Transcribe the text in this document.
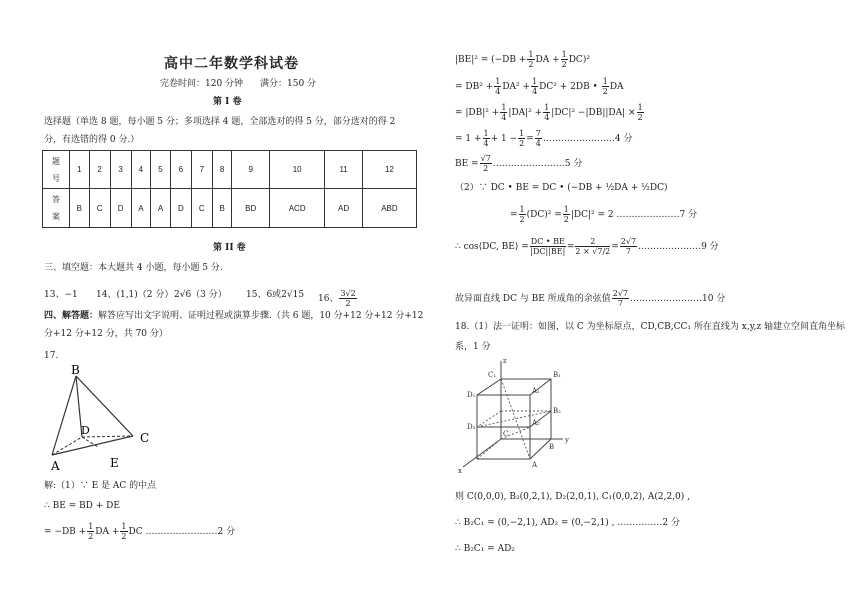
高中二年数学科试卷
完卷时间：120 分钟 满分：150 分
第 I 卷
选择题（单选 8 题，每小题 5 分；多项选择 4 题，全部选对的得 5 分，部分选对的得 2
分，有选错的得 0 分.）
题号	1	2	3	4	5	6	7	8	9	10	11	12
答案	B	C	D	A	A	D	C	B	BD	ACD	AD	ABD
第 II 卷
三、填空题：本大题共 4 小题，每小题 5 分.
13、−1 14、(1,1)（2 分） 2√6（3 分） 15、6或2√15 16、 $\frac{3√2}{2}$
四、解答题：解答应写出文字说明、证明过程或演算步骤.（共 6 题，10 分+12 分+12 分+12
分+12 分+12 分，共 70 分）
17.
B
D
C
A	E
解:（1）∵ E 是 AC 的中点
∴ BE = BD + DE
= $-DB + \frac{1}{2}$ DA + $\frac{1}{2}$ DC ……………………2 分
$|BE|^2 = (-DB + \frac{1}{2}$ DA + $\frac{1}{2} DC)^2$
= $DB^2 + \frac{1}{4} DA^2 + \frac{1}{4} DC^2 + 2DB$ • $\frac{1}{2}$ DA
= $|DB|^2 + \frac{1}{4} |DA|^2 + \frac{1}{4} |DC|^2 -|DB||DA| \times \frac{1}{2}$
= $1 + \frac{1}{4} + 1 - \frac{1}{2} = \frac{7}{4}$ ……………………4 分
BE = $\frac{√7}{2}$ ……………………5 分
（2）∵ DC • BE = DC • (−DB + ½DA + ½DC)
= $\frac{1}{2} (DC)^2 = \frac{1}{2} |DC|^2 = 2$ …………………7 分
∴ cos⟨DC, BE⟩ = $\frac{DC • BE}{|DC||BE|} = \frac{2}{2 \times √7/2} = \frac{2√7}{7}$ …………………9 分
故异面直线 DC 与 BE 所成角的余弦值 $\frac{2√7}{7}$ ……………………10 分
18.（1）法一证明：如图，以 C 为坐标原点，CD,CB,CC₁ 所在直线为 x,y,z 轴建立空间直角坐标
系，1 分
z
y
x
C₁	B₁
D₁	A₁
B₂
D₂	A₂
C
B
A
则 C(0,0,0), B₂(0,2,1), D₂(2,0,1), C₁(0,0,2), A(2,2,0) ,
∴ B₂C₁ = (0,−2,1), AD₂ = (0,−2,1) , ……………2 分
∴ B₂C₁ = AD₂
